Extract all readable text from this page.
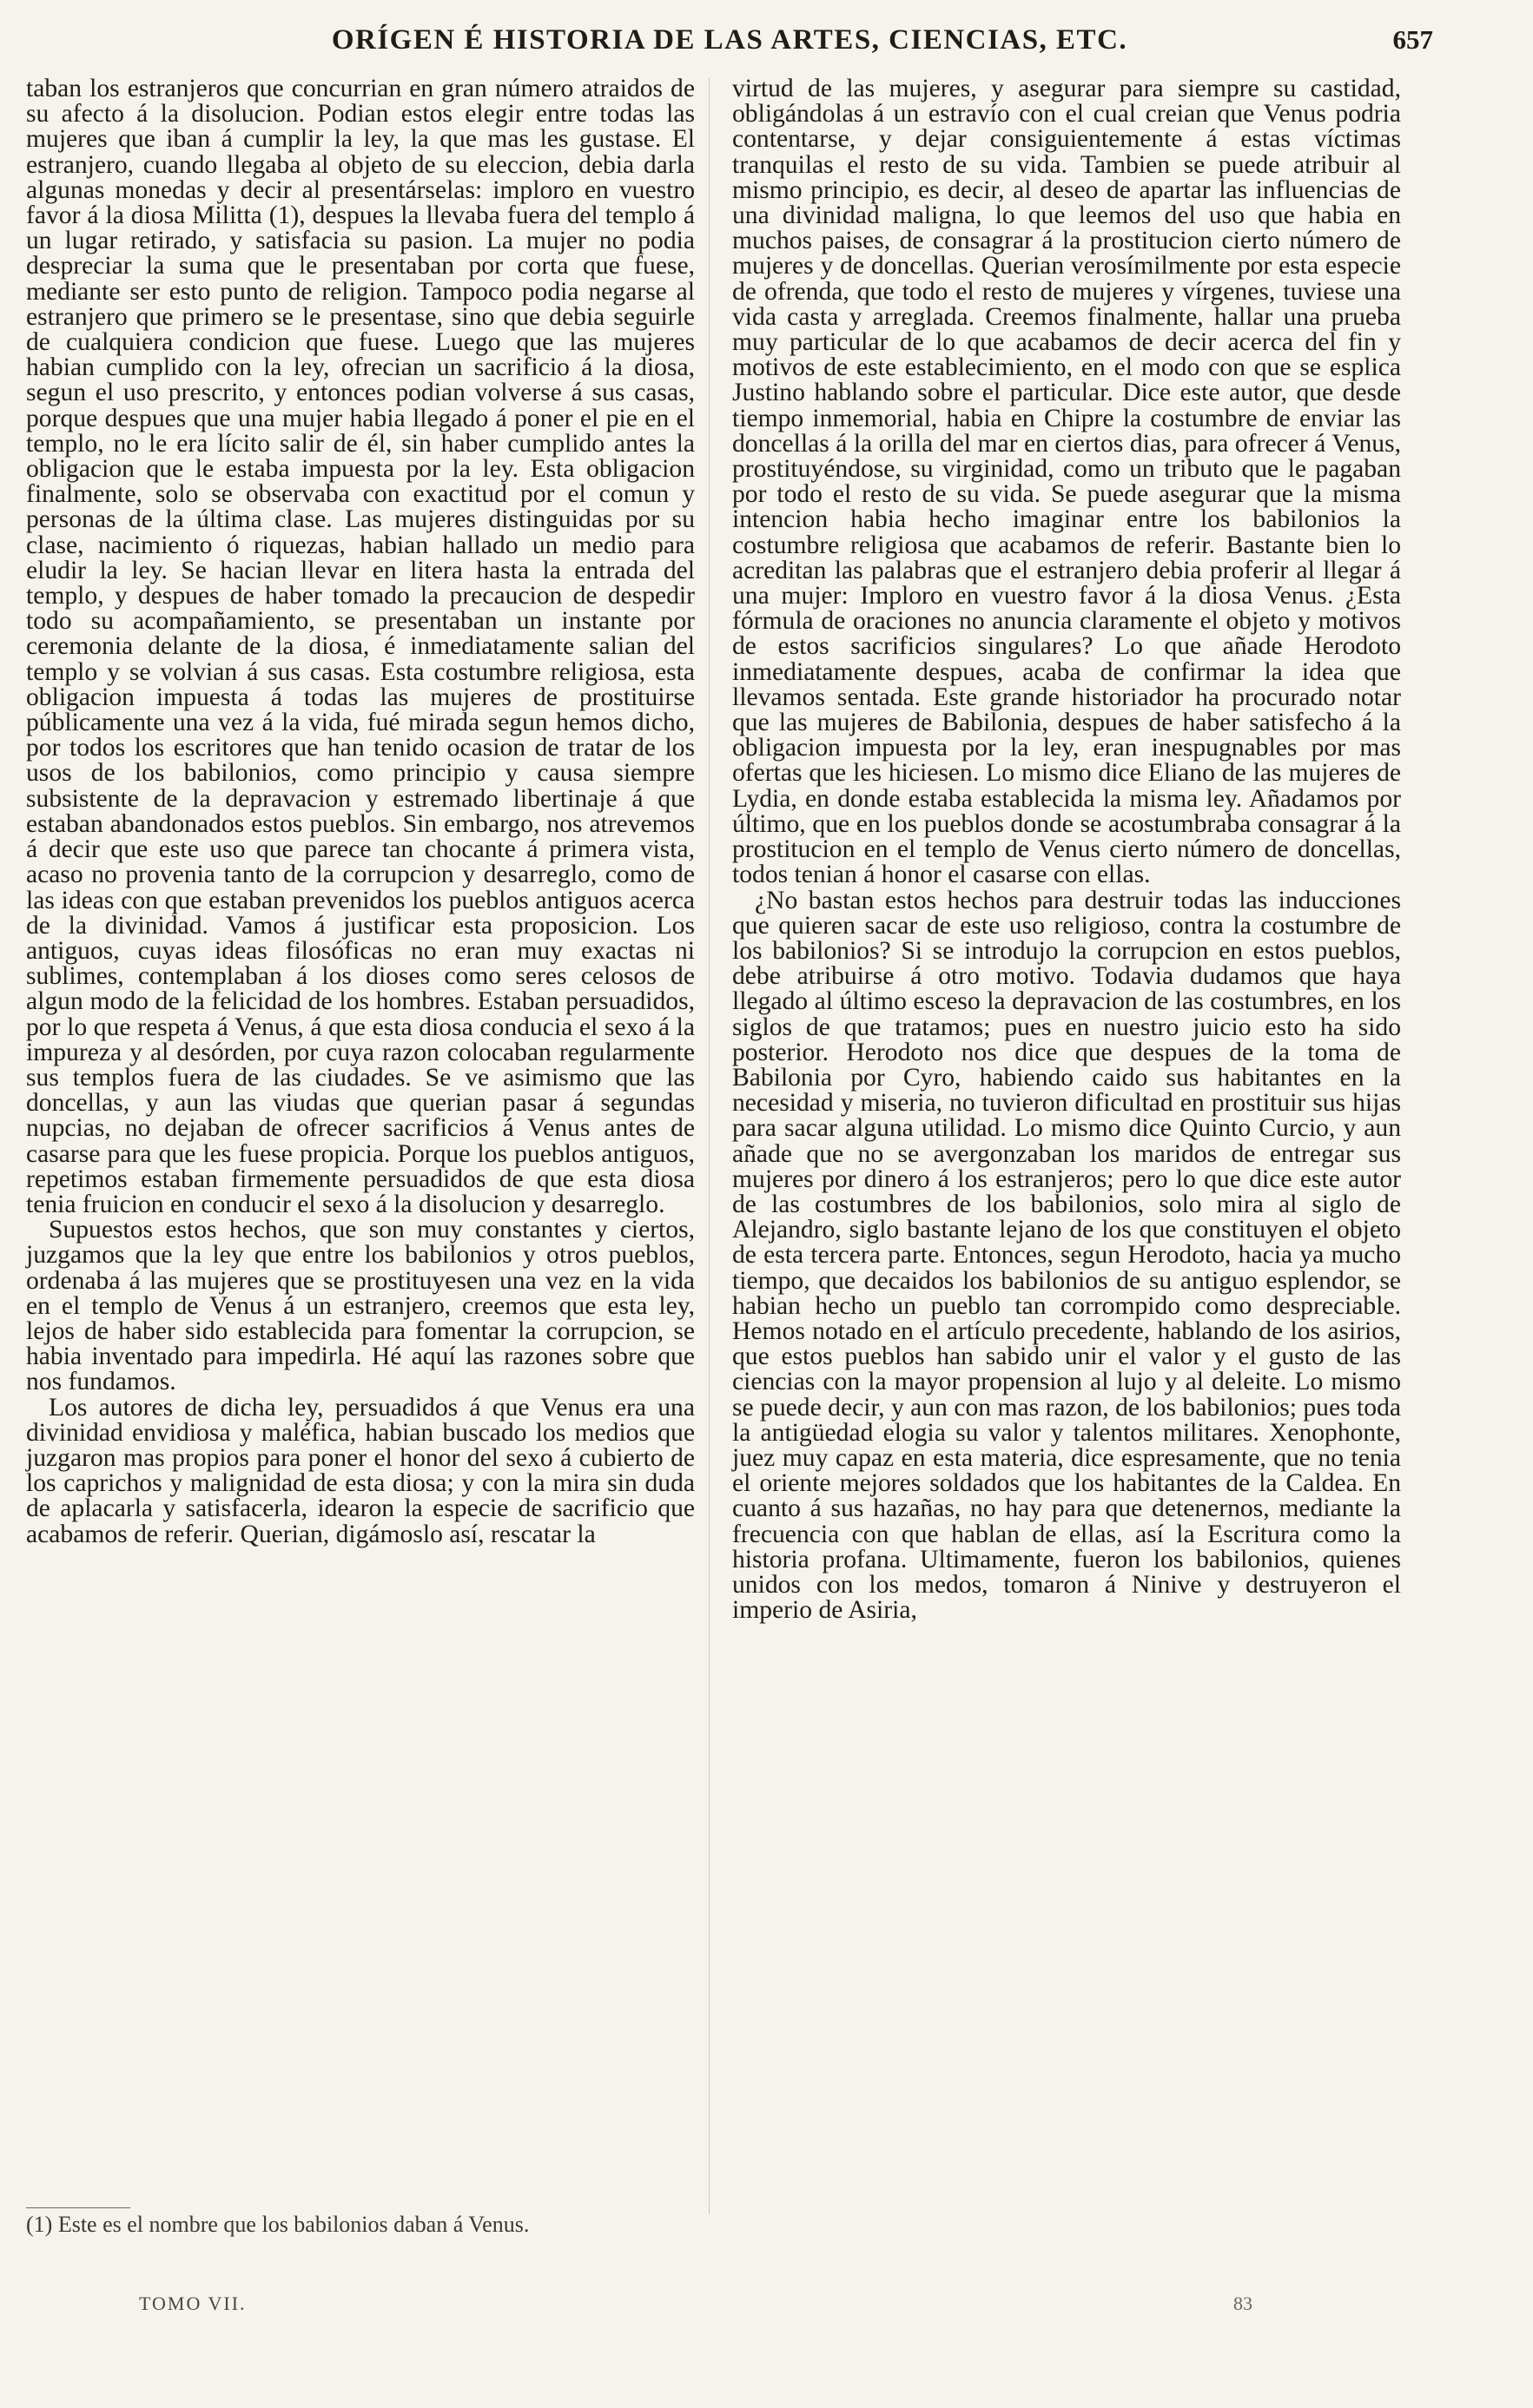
ORÍGEN É HISTORIA DE LAS ARTES, CIENCIAS, ETC.	657

taban los estranjeros que concurrian en gran número atraidos de su afecto á la disolucion. Podian estos elegir entre todas las mujeres que iban á cumplir la ley, la que mas les gustase. El estranjero, cuando llegaba al objeto de su eleccion, debia darla algunas monedas y decir al presentárselas: imploro en vuestro favor á la diosa Militta (1), despues la llevaba fuera del templo á un lugar retirado, y satisfacia su pasion. La mujer no podia despreciar la suma que le presentaban por corta que fuese, mediante ser esto punto de religion. Tampoco podia negarse al estranjero que primero se le presentase, sino que debia seguirle de cualquiera condicion que fuese. Luego que las mujeres habian cumplido con la ley, ofrecian un sacrificio á la diosa, segun el uso prescrito, y entonces podian volverse á sus casas, porque despues que una mujer habia llegado á poner el pie en el templo, no le era lícito salir de él, sin haber cumplido antes la obligacion que le estaba impuesta por la ley. Esta obligacion finalmente, solo se observaba con exactitud por el comun y personas de la última clase. Las mujeres distinguidas por su clase, nacimiento ó riquezas, habian hallado un medio para eludir la ley. Se hacian llevar en litera hasta la entrada del templo, y despues de haber tomado la precaucion de despedir todo su acompañamiento, se presentaban un instante por ceremonia delante de la diosa, é inmediatamente salian del templo y se volvian á sus casas. Esta costumbre religiosa, esta obligacion impuesta á todas las mujeres de prostituirse públicamente una vez á la vida, fué mirada segun hemos dicho, por todos los escritores que han tenido ocasion de tratar de los usos de los babilonios, como principio y causa siempre subsistente de la depravacion y estremado libertinaje á que estaban abandonados estos pueblos. Sin embargo, nos atrevemos á decir que este uso que parece tan chocante á primera vista, acaso no provenia tanto de la corrupcion y desarreglo, como de las ideas con que estaban prevenidos los pueblos antiguos acerca de la divinidad. Vamos á justificar esta proposicion. Los antiguos, cuyas ideas filosóficas no eran muy exactas ni sublimes, contemplaban á los dioses como seres celosos de algun modo de la felicidad de los hombres. Estaban persuadidos, por lo que respeta á Venus, á que esta diosa conducia el sexo á la impureza y al desórden, por cuya razon colocaban regularmente sus templos fuera de las ciudades. Se ve asimismo que las doncellas, y aun las viudas que querian pasar á segundas nupcias, no dejaban de ofrecer sacrificios á Venus antes de casarse para que les fuese propicia. Porque los pueblos antiguos, repetimos estaban firmemente persuadidos de que esta diosa tenia fruicion en conducir el sexo á la disolucion y desarreglo.

Supuestos estos hechos, que son muy constantes y ciertos, juzgamos que la ley que entre los babilonios y otros pueblos, ordenaba á las mujeres que se prostituyesen una vez en la vida en el templo de Venus á un estranjero, creemos que esta ley, lejos de haber sido establecida para fomentar la corrupcion, se habia inventado para impedirla. Hé aquí las razones sobre que nos fundamos.

Los autores de dicha ley, persuadidos á que Venus era una divinidad envidiosa y maléfica, habian buscado los medios que juzgaron mas propios para poner el honor del sexo á cubierto de los caprichos y malignidad de esta diosa; y con la mira sin duda de aplacarla y satisfacerla, idearon la especie de sacrificio que acabamos de referir. Querian, digámoslo así, rescatar la

virtud de las mujeres, y asegurar para siempre su castidad, obligándolas á un estravío con el cual creian que Venus podria contentarse, y dejar consiguientemente á estas víctimas tranquilas el resto de su vida. Tambien se puede atribuir al mismo principio, es decir, al deseo de apartar las influencias de una divinidad maligna, lo que leemos del uso que habia en muchos paises, de consagrar á la prostitucion cierto número de mujeres y de doncellas. Querian verosímilmente por esta especie de ofrenda, que todo el resto de mujeres y vírgenes, tuviese una vida casta y arreglada. Creemos finalmente, hallar una prueba muy particular de lo que acabamos de decir acerca del fin y motivos de este establecimiento, en el modo con que se esplica Justino hablando sobre el particular. Dice este autor, que desde tiempo inmemorial, habia en Chipre la costumbre de enviar las doncellas á la orilla del mar en ciertos dias, para ofrecer á Venus, prostituyéndose, su virginidad, como un tributo que le pagaban por todo el resto de su vida. Se puede asegurar que la misma intencion habia hecho imaginar entre los babilonios la costumbre religiosa que acabamos de referir. Bastante bien lo acreditan las palabras que el estranjero debia proferir al llegar á una mujer: Imploro en vuestro favor á la diosa Venus. ¿Esta fórmula de oraciones no anuncia claramente el objeto y motivos de estos sacrificios singulares? Lo que añade Herodoto inmediatamente despues, acaba de confirmar la idea que llevamos sentada. Este grande historiador ha procurado notar que las mujeres de Babilonia, despues de haber satisfecho á la obligacion impuesta por la ley, eran inespugnables por mas ofertas que les hiciesen. Lo mismo dice Eliano de las mujeres de Lydia, en donde estaba establecida la misma ley. Añadamos por último, que en los pueblos donde se acostumbraba consagrar á la prostitucion en el templo de Venus cierto número de doncellas, todos tenian á honor el casarse con ellas.

¿No bastan estos hechos para destruir todas las inducciones que quieren sacar de este uso religioso, contra la costumbre de los babilonios? Si se introdujo la corrupcion en estos pueblos, debe atribuirse á otro motivo. Todavia dudamos que haya llegado al último esceso la depravacion de las costumbres, en los siglos de que tratamos; pues en nuestro juicio esto ha sido posterior. Herodoto nos dice que despues de la toma de Babilonia por Cyro, habiendo caido sus habitantes en la necesidad y miseria, no tuvieron dificultad en prostituir sus hijas para sacar alguna utilidad. Lo mismo dice Quinto Curcio, y aun añade que no se avergonzaban los maridos de entregar sus mujeres por dinero á los estranjeros; pero lo que dice este autor de las costumbres de los babilonios, solo mira al siglo de Alejandro, siglo bastante lejano de los que constituyen el objeto de esta tercera parte. Entonces, segun Herodoto, hacia ya mucho tiempo, que decaidos los babilonios de su antiguo esplendor, se habian hecho un pueblo tan corrompido como despreciable. Hemos notado en el artículo precedente, hablando de los asirios, que estos pueblos han sabido unir el valor y el gusto de las ciencias con la mayor propension al lujo y al deleite. Lo mismo se puede decir, y aun con mas razon, de los babilonios; pues toda la antigüedad elogia su valor y talentos militares. Xenophonte, juez muy capaz en esta materia, dice espresamente, que no tenia el oriente mejores soldados que los habitantes de la Caldea. En cuanto á sus hazañas, no hay para que detenernos, mediante la frecuencia con que hablan de ellas, así la Escritura como la historia profana. Ultimamente, fueron los babilonios, quienes unidos con los medos, tomaron á Ninive y destruyeron el imperio de Asiria,

(1) Este es el nombre que los babilonios daban á Venus.
TOMO VII.	83
